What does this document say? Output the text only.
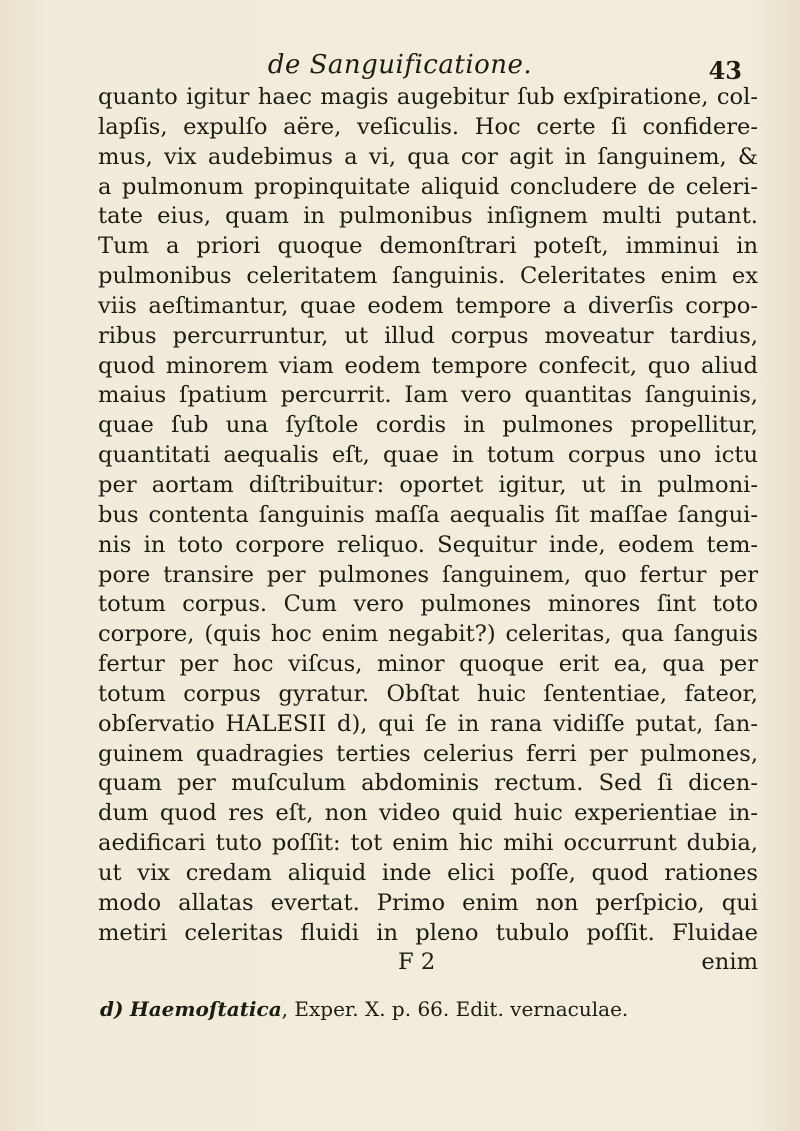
de Sanguificatione.	43
quanto igitur haec magis augebitur ſub exſpiratione, col-
lapſis, expulſo aëre, veſiculis. Hoc certe ſi confidere-
mus, vix audebimus a vi, qua cor agit in ſanguinem, &
a pulmonum propinquitate aliquid concludere de celeri-
tate eius, quam in pulmonibus inſignem multi putant.
Tum a priori quoque demonſtrari poteſt, imminui in
pulmonibus celeritatem ſanguinis. Celeritates enim ex
viis aeſtimantur, quae eodem tempore a diverſis corpo-
ribus percurruntur, ut illud corpus moveatur tardius,
quod minorem viam eodem tempore confecit, quo aliud
maius ſpatium percurrit. Iam vero quantitas ſanguinis,
quae ſub una ſyſtole cordis in pulmones propellitur,
quantitati aequalis eſt, quae in totum corpus uno ictu
per aortam diſtribuitur: oportet igitur, ut in pulmoni-
bus contenta ſanguinis maſſa aequalis ſit maſſae ſangui-
nis in toto corpore reliquo. Sequitur inde, eodem tem-
pore transire per pulmones ſanguinem, quo fertur per
totum corpus. Cum vero pulmones minores ſint toto
corpore, (quis hoc enim negabit?) celeritas, qua ſanguis
fertur per hoc viſcus, minor quoque erit ea, qua per
totum corpus gyratur. Obſtat huic ſententiae, fateor,
obſervatio HALESII d), qui ſe in rana vidiſſe putat, ſan-
guinem quadragies terties celerius ferri per pulmones,
quam per muſculum abdominis rectum. Sed ſi dicen-
dum quod res eſt, non video quid huic experientiae in-
aedificari tuto poſſit: tot enim hic mihi occurrunt dubia,
ut vix credam aliquid inde elici poſſe, quod rationes
modo allatas evertat. Primo enim non perſpicio, qui
metiri celeritas fluidi in pleno tubulo poſſit. Fluidae
F 2	enim
d) Haemoſtatica, Exper. X. p. 66. Edit. vernaculae.
